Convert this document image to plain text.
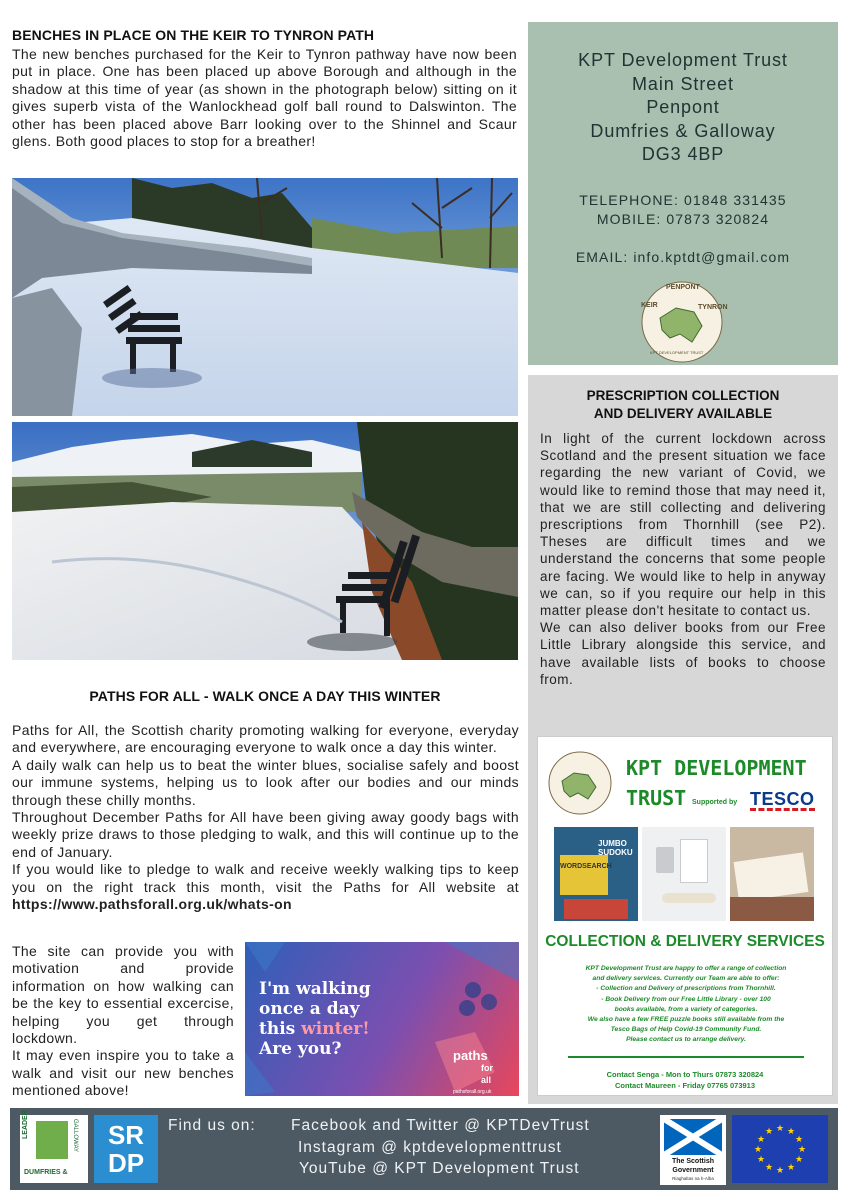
BENCHES IN PLACE ON THE KEIR TO TYNRON PATH
The new benches purchased for the Keir to Tynron pathway have now been put in place. One has been placed up above Borough and although in the shadow at this time of year (as shown in the photograph below) sitting on it gives superb vista of the Wanlockhead golf ball round to Dalswinton. The other has been placed above Barr looking over to the Shinnel and Scaur glens. Both good places to stop for a breather!
PATHS FOR ALL - WALK ONCE A DAY THIS WINTER
Paths for All, the Scottish charity promoting walking for everyone, everyday and everywhere, are encouraging everyone to walk once a day this winter.
A daily walk can help us to beat the winter blues, socialise safely and boost our immune systems, helping us to look after our bodies and our minds through these chilly months.
Throughout December Paths for All have been giving away goody bags with weekly prize draws to those pledging to walk, and this will continue up to the end of January.
If you would like to pledge to walk and receive weekly walking tips to keep you on the right track this month, visit the Paths for All website at https://www.pathsforall.org.uk/whats-on
The site can provide you with motivation and provide information on how walking can be the key to essential excercise, helping you get through lockdown.
It may even inspire you to take a walk and visit our new benches mentioned above!
I'm walking
once a day
this winter!
Are you?	paths
for
all
pathsforall.org.uk
KPT Development Trust
Main Street
Penpont
Dumfries & Galloway
DG3 4BP
TELEPHONE: 01848 331435
MOBILE: 07873 320824
EMAIL: info.kptdt@gmail.com
PENPONT
KEIR	TYNRON
KPT DEVELOPMENT TRUST
PRESCRIPTION COLLECTION
AND DELIVERY AVAILABLE
In light of the current lockdown across Scotland and the present situation we face regarding the new variant of Covid, we would like to remind those that may need it, that we are still collecting and delivering prescriptions from Thornhill (see P2). Theses are difficult times and we understand the concerns that some people are facing. We would like to help in anyway we can, so if you require our help in this matter please don't hesitate to contact us.
We can also deliver books from our Free Little Library alongside this service, and have available lists of books to choose from.
KPT DEVELOPMENT
TRUST Supported by TESCO
WORDSEARCH
JUMBO SUDOKU
COLLECTION & DELIVERY SERVICES
KPT Development Trust are happy to offer a range of collection
and delivery services. Currently our Team are able to offer:
- Collection and Delivery of prescriptions from Thornhill.
- Book Delivery from our Free Little Library - over 100
books available, from a variety of categories.
We also have a few FREE puzzle books still available from the
Tesco Bags of Help Covid-19 Community Fund.
Please contact us to arrange delivery.
Contact Senga - Mon to Thurs 07873 320824
Contact Maureen - Friday 07765 073913
LEADER
DUMFRIES &
GALLOWAY	SR
DP
Find us on: Facebook and Twitter @ KPTDevTrust
Instagram @ kptdevelopmenttrust
YouTube @ KPT Development Trust	The Scottish
Government
Riaghaltas na h-Alba
★ ★
★
★
★
★
★
★
★
★
★
★
